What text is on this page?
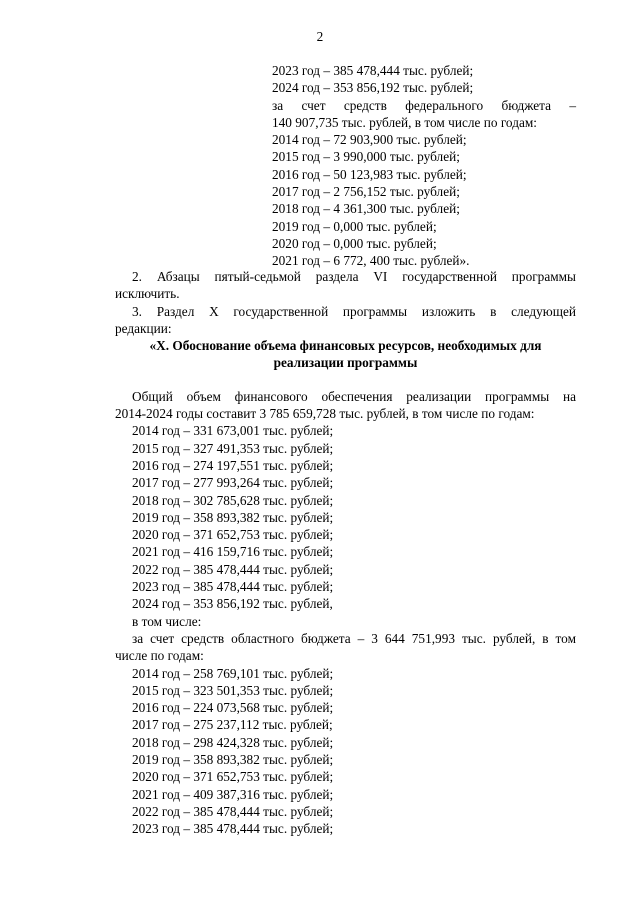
2
2023 год – 385 478,444 тыс. рублей;
2024 год – 353 856,192 тыс. рублей;
за счет средств федерального бюджета –
140 907,735 тыс. рублей, в том числе по годам:
2014 год – 72 903,900 тыс. рублей;
2015 год – 3 990,000 тыс. рублей;
2016 год – 50 123,983 тыс. рублей;
2017 год – 2 756,152 тыс. рублей;
2018 год – 4 361,300 тыс. рублей;
2019 год – 0,000 тыс. рублей;
2020 год – 0,000 тыс. рублей;
2021 год – 6 772, 400 тыс. рублей».
2. Абзацы пятый-седьмой раздела VI государственной программы
исключить.
3. Раздел X государственной программы изложить в следующей
редакции:
«X. Обоснование объема финансовых ресурсов, необходимых для
реализации программы
Общий объем финансового обеспечения реализации программы на
2014-2024 годы составит 3 785 659,728 тыс. рублей, в том числе по годам:
2014 год – 331 673,001 тыс. рублей;
2015 год – 327 491,353 тыс. рублей;
2016 год – 274 197,551 тыс. рублей;
2017 год – 277 993,264 тыс. рублей;
2018 год – 302 785,628 тыс. рублей;
2019 год – 358 893,382 тыс. рублей;
2020 год – 371 652,753 тыс. рублей;
2021 год – 416 159,716 тыс. рублей;
2022 год – 385 478,444 тыс. рублей;
2023 год – 385 478,444 тыс. рублей;
2024 год – 353 856,192 тыс. рублей,
в том числе:
за счет средств областного бюджета – 3 644 751,993 тыс. рублей, в том
числе по годам:
2014 год – 258 769,101 тыс. рублей;
2015 год – 323 501,353 тыс. рублей;
2016 год – 224 073,568 тыс. рублей;
2017 год – 275 237,112 тыс. рублей;
2018 год – 298 424,328 тыс. рублей;
2019 год – 358 893,382 тыс. рублей;
2020 год – 371 652,753 тыс. рублей;
2021 год – 409 387,316 тыс. рублей;
2022 год – 385 478,444 тыс. рублей;
2023 год – 385 478,444 тыс. рублей;
